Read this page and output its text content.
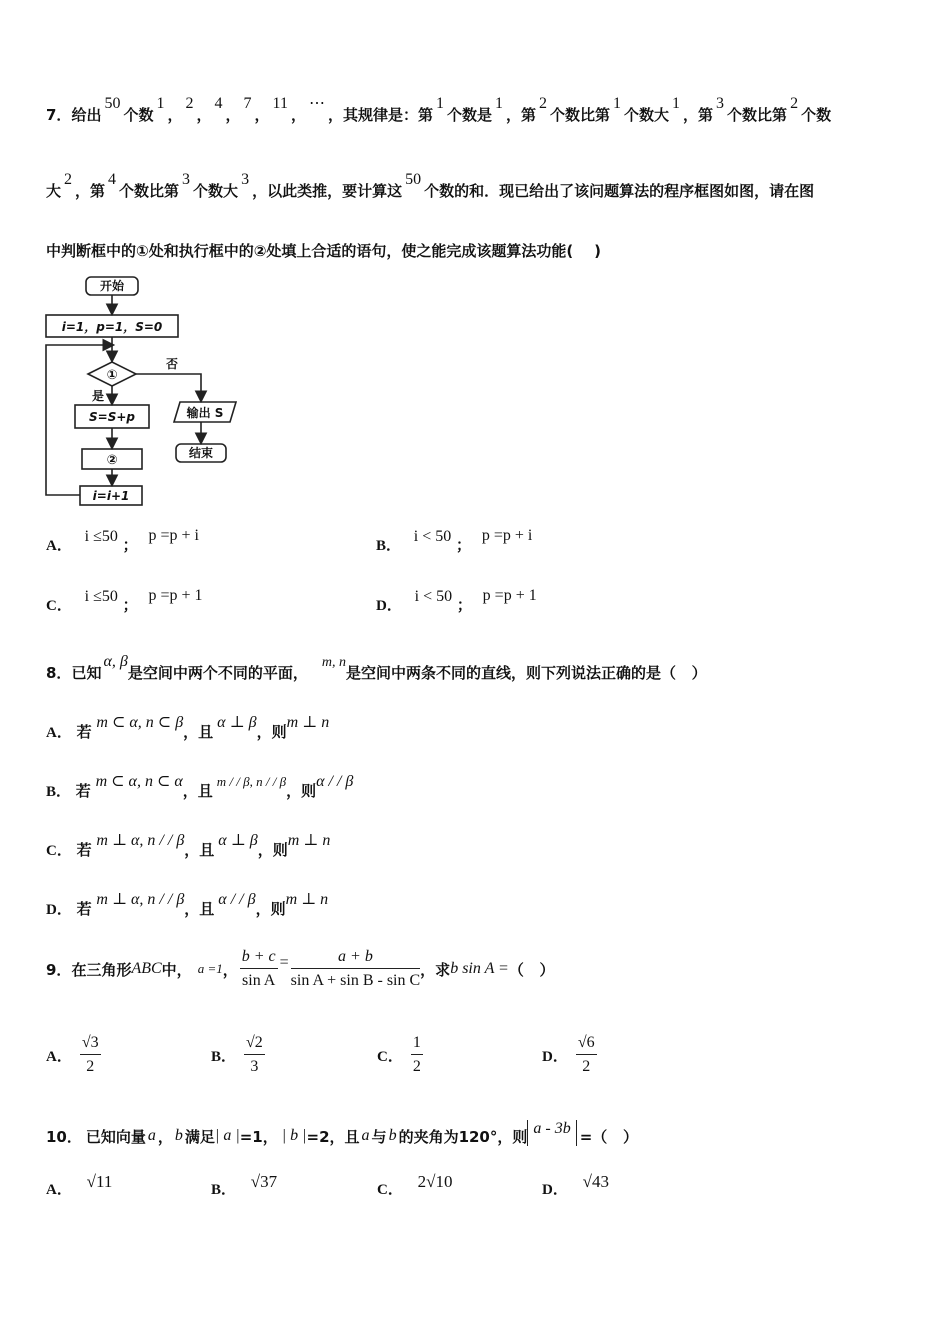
7．给出50个数1，2，4，7，11，⋯，其规律是：第1个数是1，第2个数比第1个数大1，第3个数比第2个数
大2，第4个数比第3个数大3，以此类推，要计算这50个数的和．现已给出了该问题算法的程序框图如图，请在图
中判断框中的①处和执行框中的②处填上合适的语句，使之能完成该题算法功能(    )
开始
i=1，p=1，S=0
①
否
是
S=S+p
②
i=i+1
输出 S
结束
A． i ≤50 ； p =p + i
B． i < 50 ； p =p + i
C． i ≤50 ； p =p + 1
D． i < 50 ； p =p + 1
8．已知α, β是空间中两个不同的平面，m, n是空间中两条不同的直线，则下列说法正确的是（   ）
A． 若 m ⊂ α, n ⊂ β，且α ⊥ β，则m ⊥ n
B． 若 m ⊂ α, n ⊂ α，且m / / β, n / / β，则α / / β
C． 若 m ⊥ α, n / / β，且α ⊥ β，则m ⊥ n
D． 若 m ⊥ α, n / / β，且α / / β，则m ⊥ n
9． 在三角形 ABC 中， a =1 ， $\frac{b + c}{\text{sin A}} = \frac{a + b}{\text{sin A + sin B - sin C}}$ ，求 b sin A = （   ）
A． $\frac{√3}{2}$	B． $\frac{√2}{3}$	C． $\frac{1}{2}$	D． $\frac{√6}{2}$
10． 已知向量 a ， b 满足 | a | =1， | b | =2，且 a 与 b 的夹角为120°，则 a - 3b =（   ）
A． √11	B． √37	C． 2√10	D． √43
